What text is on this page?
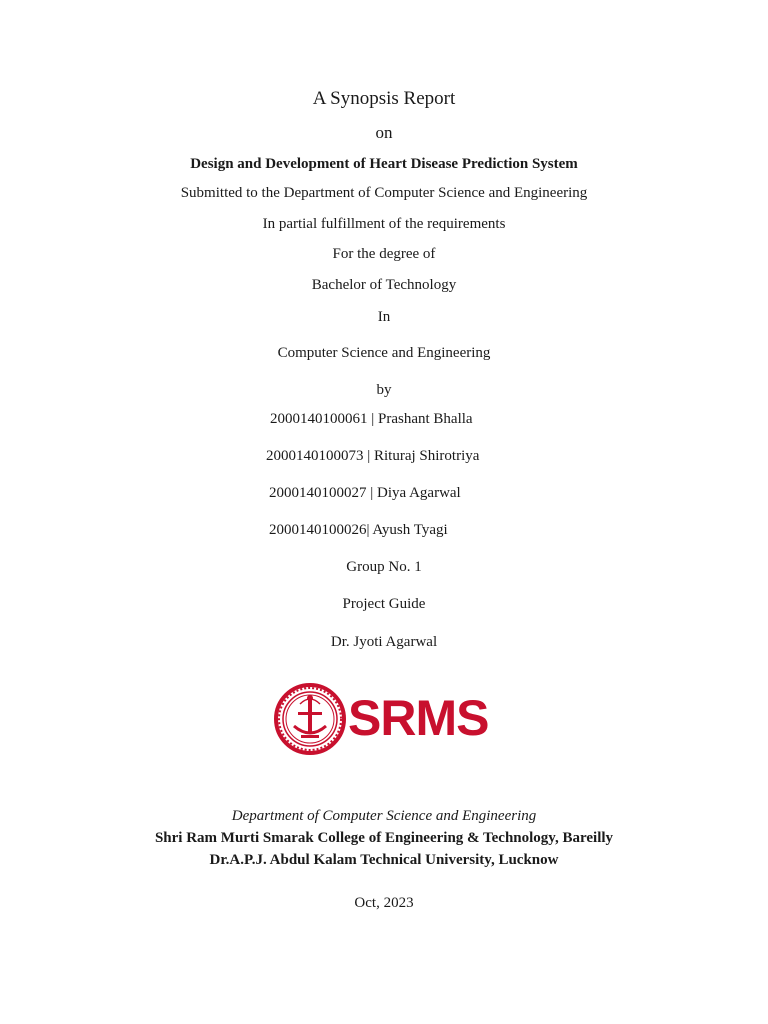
A Synopsis Report
on
Design and Development of Heart Disease Prediction System
Submitted to the Department of Computer Science and Engineering
In partial fulfillment of the requirements
For the degree of
Bachelor of Technology
In
Computer Science and Engineering
by
2000140100061 | Prashant Bhalla
2000140100073 | Rituraj Shirotriya
2000140100027 | Diya Agarwal
2000140100026| Ayush Tyagi
Group No. 1
Project Guide
Dr. Jyoti Agarwal
SRMS
Department of Computer Science and Engineering
Shri Ram Murti Smarak College of Engineering & Technology, Bareilly
Dr.A.P.J. Abdul Kalam Technical University, Lucknow
Oct, 2023
